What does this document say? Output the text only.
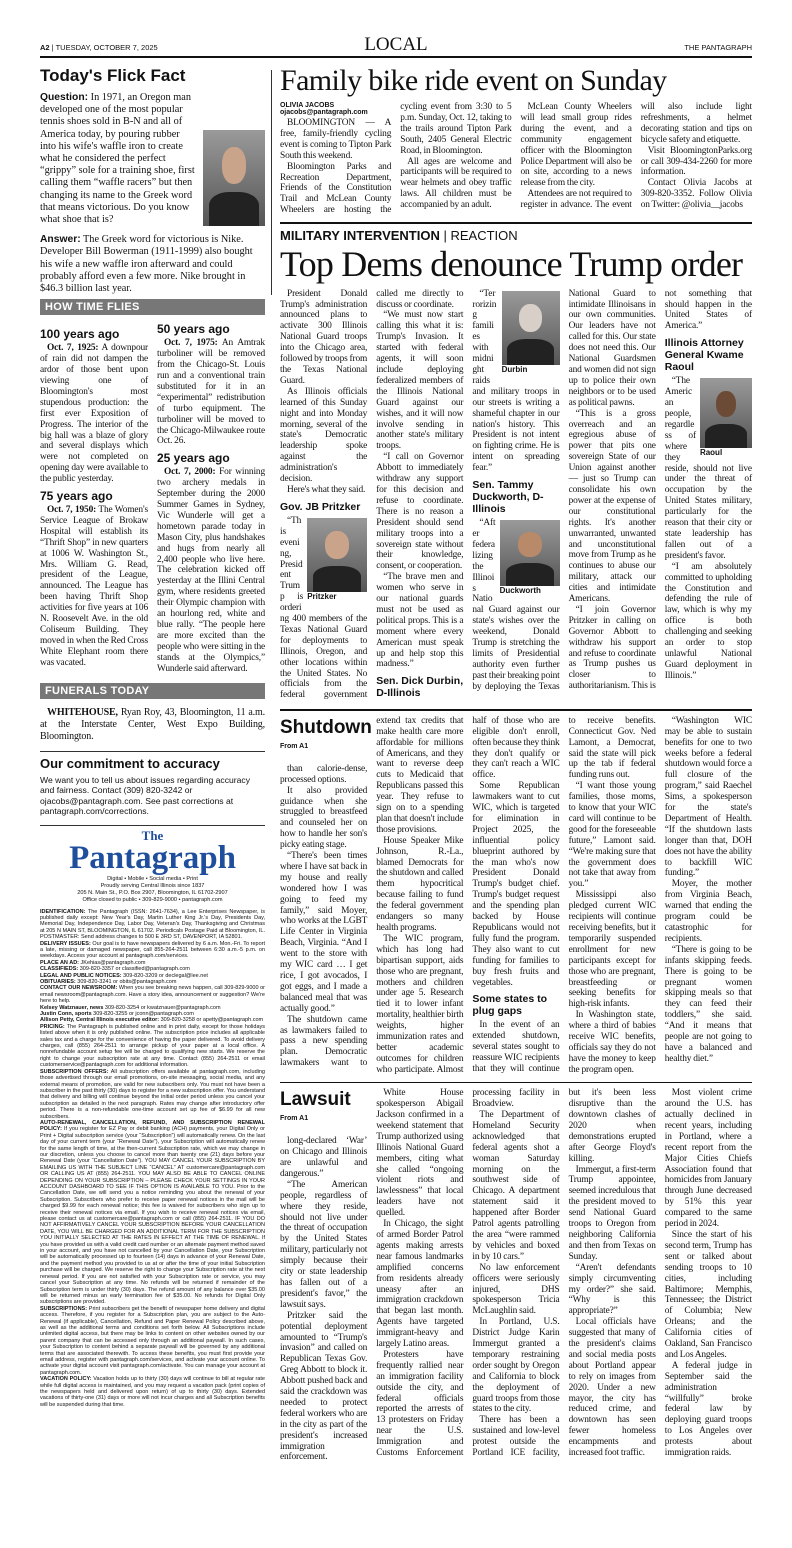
A2 | TUESDAY, OCTOBER 7, 2025	LOCAL	THE PANTAGRAPH
Today's Flick Fact

Question: In 1971, an Oregon man developed one of the most popular tennis shoes sold in B-N and all of America today, by pouring rubber into his wife's waffle iron to create what he considered the perfect “grippy” sole for a training shoe, first calling them “waffle racers” but then changing its name to the Greek word that means victorious. Do you know what shoe that is?

Answer: The Greek word for victorious is Nike. Developer Bill Bowerman (1911-1999) also bought his wife a new waffle iron afterward and could probably afford even a few more. Nike brought in $46.3 billion last year.

HOW TIME FLIES
100 years ago

Oct. 7, 1925: A downpour of rain did not dampen the ardor of those bent upon viewing one of Bloomington's most stupendous production: the first ever Exposition of Progress. The interior of the big hall was a blaze of glory and several displays which were not completed on opening day were available to the public yesterday.

75 years ago

Oct. 7, 1950: The Women's Service League of Brokaw Hospital will establish its “Thrift Shop” in new quarters at 1006 W. Washington St., Mrs. William G. Read, president of the League, announced. The League has been having Thrift Shop activities for five years at 106 N. Roosevelt Ave. in the old Coliseum Building. They moved in when the Red Cross White Elephant room there was vacated.

50 years ago

Oct. 7, 1975: An Amtrak turboliner will be removed from the Chicago-St. Louis run and a conventional train substituted for it in an “experimental” redistribution of turbo equipment. The turboliner will be moved to the Chicago-Milwaukee route Oct. 26.

25 years ago

Oct. 7, 2000: For winning two archery medals in September during the 2000 Summer Games in Sydney, Vic Wunderle will get a hometown parade today in Mason City, plus handshakes and hugs from nearly all 2,400 people who live here. The celebration kicked off yesterday at the Illini Central gym, where residents greeted their Olympic champion with an hourlong red, white and blue rally. “The people here are more excited than the people who were sitting in the stands at the Olympics,” Wunderle said afterward.

FUNERALS TODAY

WHITEHOUSE, Ryan Roy, 43, Bloomington, 11 a.m. at the Interstate Center, West Expo Building, Bloomington.

Our commitment to accuracy
We want you to tell us about issues regarding accuracy and fairness. Contact (309) 820-3242 or ojacobs@pantagraph.com. See past corrections at pantagraph.com/corrections.
The
Pantagraph
Digital • Mobile • Social media • Print
Proudly serving Central Illinois since 1837
205 N. Main St., P.O. Box 2907, Bloomington, IL 61702-2907
Office closed to public • 309-829-9000 • pantagraph.com
IDENTIFICATION: The Pantagraph (ISSN: 2641-7634), a Lee Enterprises Newspaper, is published daily except: New Year's Day, Martin Luther King Jr.'s Day, Presidents Day, Memorial Day, Independence Day, Labor Day, Veteran's Day, Thanksgiving and Christmas at 205 N MAIN ST, BLOOMINGTON, IL 61702. Periodicals Postage Paid at Bloomington, IL. POSTMASTER: Send address changes to 500 E 3RD ST, DAVENPORT, IA 52801.
DELIVERY ISSUES: Our goal is to have newspapers delivered by 6 a.m. Mon.-Fri. To report a late, missing or damaged newspaper, call 855-264-2511 between 6:30 a.m.-5 p.m. on weekdays. Access your account at pantagraph.com/services.
PLACE AN AD: JKehias@pantagraph.com
CLASSIFIEDS: 309-820-3357 or classified@pantagraph.com
LEGAL AND PUBLIC NOTICES: 309-820-3209 or declegal@lee.net
OBITUARIES: 309-820-3241 or obits@pantagraph.com
CONTACT OUR NEWSROOM: When you see breaking news happen, call 309-829-9000 or email newsroom@pantagraph.com. Have a story idea, announcement or suggestion? We're here to help.
Kelsey Watznauer, news 309-820-3254 or kwatznauer@pantagraph.com
Justin Conn, sports 309-820-3255 or jconn@pantagraph.com
Allison Petty, Central Illinois executive editor: 309-820-3258 or apetty@pantagraph.com
PRICING: The Pantagraph is published online and in print daily, except for those holidays listed above when it is only published online. The subscription price includes all applicable sales tax and a charge for the convenience of having the paper delivered. To avoid delivery charges, call (855) 264-2511 to arrange pickup of your paper at a local office. A nonrefundable account setup fee will be charged to qualifying new starts. We reserve the right to change your subscription rate at any time. Contact (855) 264-2511 or email customerservice@pantagraph.com for additional information.
SUBSCRIPTION OFFERS: All subscription offers available at pantagraph.com, including those advertised through our email promotions, on-site messaging, social media, and any external means of promotion, are valid for new subscribers only. You must not have been a subscriber in the past thirty (30) days to register for a new subscription offer. You understand that delivery and billing will continue beyond the initial order period unless you cancel your subscription as detailed in the next paragraph. Rates may change after introductory offer period. There is a non-refundable one-time account set up fee of $6.99 for all new subscribers.
AUTO-RENEWAL, CANCELLATION, REFUND, AND SUBSCRIPTION RENEWAL POLICY: If you register for EZ Pay or debit banking (ACH) payments, your Digital Only or Print + Digital subscription service (your “Subscription”) will automatically renew. On the last day of your current term (your “Renewal Date”), your Subscription will automatically renew for the same length of time, at the then-current Subscription rate, which we may change in our discretion, unless you choose to cancel more than twenty one (21) days before your Renewal Date (your “Cancellation Date”). YOU MAY CANCEL YOUR SUBSCRIPTION BY EMAILING US WITH THE SUBJECT LINE “CANCEL” AT customercare@pantagraph.com OR CALLING US AT (855) 264-2511. YOU MAY ALSO BE ABLE TO CANCEL ONLINE DEPENDING ON YOUR SUBSCRIPTION – PLEASE CHECK YOUR SETTINGS IN YOUR ACCOUNT DASHBOARD TO SEE IF THIS OPTION IS AVAILABLE TO YOU. Prior to the Cancellation Date, we will send you a notice reminding you about the renewal of your Subscription. Subscribers who prefer to receive paper renewal notices in the mail will be charged $9.99 for each renewal notice; this fee is waived for subscribers who sign up to receive their renewal notices via email. If you wish to receive renewal notices via email, please contact us at customercare@pantagraph.com or call (855) 264-2511. IF YOU DO NOT AFFIRMATIVELY CANCEL YOUR SUBSCRIPTION BEFORE YOUR CANCELLATION DATE, YOU WILL BE CHARGED FOR AN ADDITIONAL TERM FOR THE SUBSCRIPTION YOU INITIALLY SELECTED AT THE RATES IN EFFECT AT THE TIME OF RENEWAL. If you have provided us with a valid credit card number or an alternate payment method saved in your account, and you have not cancelled by your Cancellation Date, your Subscription will be automatically processed up to fourteen (14) days in advance of your Renewal Date, and the payment method you provided to us at or after the time of your initial Subscription purchase will be charged. We reserve the right to change your Subscription rate at the next renewal period. If you are not satisfied with your Subscription rate or service, you may cancel your Subscription at any time. No refunds will be returned if remainder of the Subscription term is under thirty (30) days. The refund amount of any balance over $35.00 will be returned minus an early termination fee of $35.00. No refunds for Digital Only subscriptions are provided.
SUBSCRIPTIONS: Print subscribers get the benefit of newspaper home delivery and digital access. Therefore, if you register for a Subscription plan, you are subject to the Auto-Renewal (if applicable), Cancellation, Refund and Paper Renewal Policy described above, as well as the additional terms and conditions set forth below. All Subscriptions include unlimited digital access, but there may be links to content on other websites owned by our parent company that can be accessed only through an additional paywall. In such cases, your Subscription to content behind a separate paywall will be governed by any additional terms that are associated therewith. To access these benefits, you must first provide your email address, register with pantagraph.com/services, and activate your account online. To activate your digital account visit pantagraph.com/activate. You can manage your account at pantagraph.com.
VACATION POLICY: Vacation holds up to thirty (30) days will continue to bill at regular rate while full digital access is maintained, and you may request a vacation pack (print copies of the newspapers held and delivered upon return) of up to thirty (30) days. Extended vacations of thirty-one (31) days or more will not incur charges and all Subscription benefits will be suspended during that time.
Family bike ride event on Sunday
OLIVIA JACOBS
ojacobs@pantagraph.com

BLOOMINGTON — A free, family-friendly cycling event is coming to Tipton Park South this weekend.

Bloomington Parks and Recreation Department, Friends of the Constitution Trail and McLean County Wheelers are hosting the cycling event from 3:30 to 5 p.m. Sunday, Oct. 12, taking to the trails around Tipton Park South, 2405 General Electric Road, in Bloomington.

All ages are welcome and participants will be required to wear helmets and obey traffic laws. All children must be accompanied by an adult.

McLean County Wheelers will lead small group rides during the event, and a community engagement officer with the Bloomington Police Department will also be on site, according to a news release from the city.

Attendees are not required to register in advance. The event will also include light refreshments, a helmet decorating station and tips on bicycle safety and etiquette.

Visit BloomingtonParks.org or call 309-434-2260 for more information.

Contact Olivia Jacobs at 309-820-3352. Follow Olivia on Twitter: @olivia__jacobs

MILITARY INTERVENTION | REACTION
Top Dems denounce Trump order

President Donald Trump's administration announced plans to activate 300 Illinois National Guard troops into the Chicago area, followed by troops from the Texas National Guard.

As Illinois officials learned of this Sunday night and into Monday morning, several of the state's Democratic leadership spoke against the administration's decision.

Here's what they said.

Gov. JB Pritzker
Pritzker

“This evening, President Trump is ordering 400 members of the Texas National Guard for deployments to Illinois, Oregon, and other locations within the United States. No officials from the federal government called me directly to discuss or coordinate.

“We must now start calling this what it is: Trump's Invasion. It started with federal agents, it will soon include deploying federalized members of the Illinois National Guard against our wishes, and it will now involve sending in another state's military troops.

“I call on Governor Abbott to immediately withdraw any support for this decision and refuse to coordinate. There is no reason a President should send military troops into a sovereign state without their knowledge, consent, or cooperation.

“The brave men and women who serve in our national guards must not be used as political props. This is a moment where every American must speak up and help stop this madness.”

Sen. Dick Durbin, D-Illinois
Durbin

“Terrorizing families with midnight raids and military troops in our streets is writing a shameful chapter in our nation's history. This President is not intent on fighting crime. He is intent on spreading fear.”

Sen. Tammy Duckworth, D-Illinois
Duckworth

“After federalizing the Illinois National Guard against our state's wishes over the weekend, Donald Trump is stretching the limits of Presidential authority even further past their breaking point by deploying the Texas National Guard to intimidate Illinoisans in our own communities. Our leaders have not called for this. Our state does not need this. Our National Guardsmen and women did not sign up to police their own neighbors or to be used as political pawns.

“This is a gross overreach and an egregious abuse of power that pits one sovereign State of our Union against another — just so Trump can consolidate his own power at the expense of our constitutional rights. It's another unwarranted, unwanted and unconstitutional move from Trump as he continues to abuse our military, attack our cities and intimidate Americans.

“I join Governor Pritzker in calling on Governor Abbott to withdraw his support and refuse to coordinate as Trump pushes us closer to authoritarianism. This is not something that should happen in the United States of America.”

Illinois Attorney General Kwame Raoul
Raoul

“The American people, regardless of where they reside, should not live under the threat of occupation by the United States military, particularly for the reason that their city or state leadership has fallen out of a president's favor.

“I am absolutely committed to upholding the Constitution and defending the rule of law, which is why my office is both challenging and seeking an order to stop unlawful National Guard deployment in Illinois.”

Shutdown
From A1

than calorie-dense, processed options.

It also provided guidance when she struggled to breastfeed and counseled her on how to handle her son's picky eating stage.

“There's been times where I have sat back in my house and really wondered how I was going to feed my family,” said Moyer, who works at the LGBT Life Center in Virginia Beach, Virginia. “And I went to the store with my WIC card … I get rice, I got avocados, I got eggs, and I made a balanced meal that was actually good.”

The shutdown came as lawmakers failed to pass a new spending plan. Democratic lawmakers want to extend tax credits that make health care more affordable for millions of Americans, and they want to reverse deep cuts to Medicaid that Republicans passed this year. They refuse to sign on to a spending plan that doesn't include those provisions.

House Speaker Mike Johnson, R.-La., blamed Democrats for the shutdown and called them hypocritical because failing to fund the federal government endangers so many health programs.

The WIC program, which has long had bipartisan support, aids those who are pregnant, mothers and children under age 5. Research tied it to lower infant mortality, healthier birth weights, higher immunization rates and better academic outcomes for children who participate. Almost half of those who are eligible don't enroll, often because they think they don't qualify or they can't reach a WIC office.

Some Republican lawmakers want to cut WIC, which is targeted for elimination in Project 2025, the influential policy blueprint authored by the man who's now President Donald Trump's budget chief. Trump's budget request and the spending plan backed by House Republicans would not fully fund the program. They also want to cut funding for families to buy fresh fruits and vegetables.

Some states to plug gaps

In the event of an extended shutdown, several states sought to reassure WIC recipients that they will continue to receive benefits. Connecticut Gov. Ned Lamont, a Democrat, said the state will pick up the tab if federal funding runs out.

“I want those young families, those moms, to know that your WIC card will continue to be good for the foreseeable future,” Lamont said. “We're making sure that the government does not take that away from you.”

Mississippi also pledged current WIC recipients will continue receiving benefits, but it temporarily suspended enrollment for new participants except for those who are pregnant, breastfeeding or seeking benefits for high-risk infants.

In Washington state, where a third of babies receive WIC benefits, officials say they do not have the money to keep the program open.

“Washington WIC may be able to sustain benefits for one to two weeks before a federal shutdown would force a full closure of the program,” said Raechel Sims, a spokesperson for the state's Department of Health. “If the shutdown lasts longer than that, DOH does not have the ability to backfill WIC funding.”

Moyer, the mother from Virginia Beach, warned that ending the program could be catastrophic for recipients.

“There is going to be infants skipping feeds. There is going to be pregnant women skipping meals so that they can feed their toddlers,” she said. “And it means that people are not going to have a balanced and healthy diet.”

Lawsuit
From A1

long-declared ‘War’ on Chicago and Illinois are unlawful and dangerous.”

“The American people, regardless of where they reside, should not live under the threat of occupation by the United States military, particularly not simply because their city or state leadership has fallen out of a president's favor,” the lawsuit says.

Pritzker said the potential deployment amounted to “Trump's invasion” and called on Republican Texas Gov. Greg Abbott to block it. Abbott pushed back and said the crackdown was needed to protect federal workers who are in the city as part of the president's increased immigration enforcement.

White House spokesperson Abigail Jackson confirmed in a weekend statement that Trump authorized using Illinois National Guard members, citing what she called “ongoing violent riots and lawlessness” that local leaders have not quelled.

In Chicago, the sight of armed Border Patrol agents making arrests near famous landmarks amplified concerns from residents already uneasy after an immigration crackdown that began last month. Agents have targeted immigrant-heavy and largely Latino areas.

Protesters have frequently rallied near an immigration facility outside the city, and federal officials reported the arrests of 13 protesters on Friday near the U.S. Immigration and Customs Enforcement processing facility in Broadview.

The Department of Homeland Security acknowledged that federal agents shot a woman Saturday morning on the southwest side of Chicago. A department statement said it happened after Border Patrol agents patrolling the area “were rammed by vehicles and boxed in by 10 cars.”

No law enforcement officers were seriously injured, DHS spokesperson Tricia McLaughlin said.

In Portland, U.S. District Judge Karin Immergut granted a temporary restraining order sought by Oregon and California to block the deployment of guard troops from those states to the city.

There has been a sustained and low-level protest outside the Portland ICE facility, but it's been less disruptive than the downtown clashes of 2020 when demonstrations erupted after George Floyd's killing.

Immergut, a first-term Trump appointee, seemed incredulous that the president moved to send National Guard troops to Oregon from neighboring California and then from Texas on Sunday.

“Aren't defendants simply circumventing my order?” she said. “Why is this appropriate?”

Local officials have suggested that many of the president's claims and social media posts about Portland appear to rely on images from 2020. Under a new mayor, the city has reduced crime, and downtown has seen fewer homeless encampments and increased foot traffic.

Most violent crime around the U.S. has actually declined in recent years, including in Portland, where a recent report from the Major Cities Chiefs Association found that homicides from January through June decreased by 51% this year compared to the same period in 2024.

Since the start of his second term, Trump has sent or talked about sending troops to 10 cities, including Baltimore; Memphis, Tennessee; the District of Columbia; New Orleans; and the California cities of Oakland, San Francisco and Los Angeles.

A federal judge in September said the administration “willfully” broke federal law by deploying guard troops to Los Angeles over protests about immigration raids.
